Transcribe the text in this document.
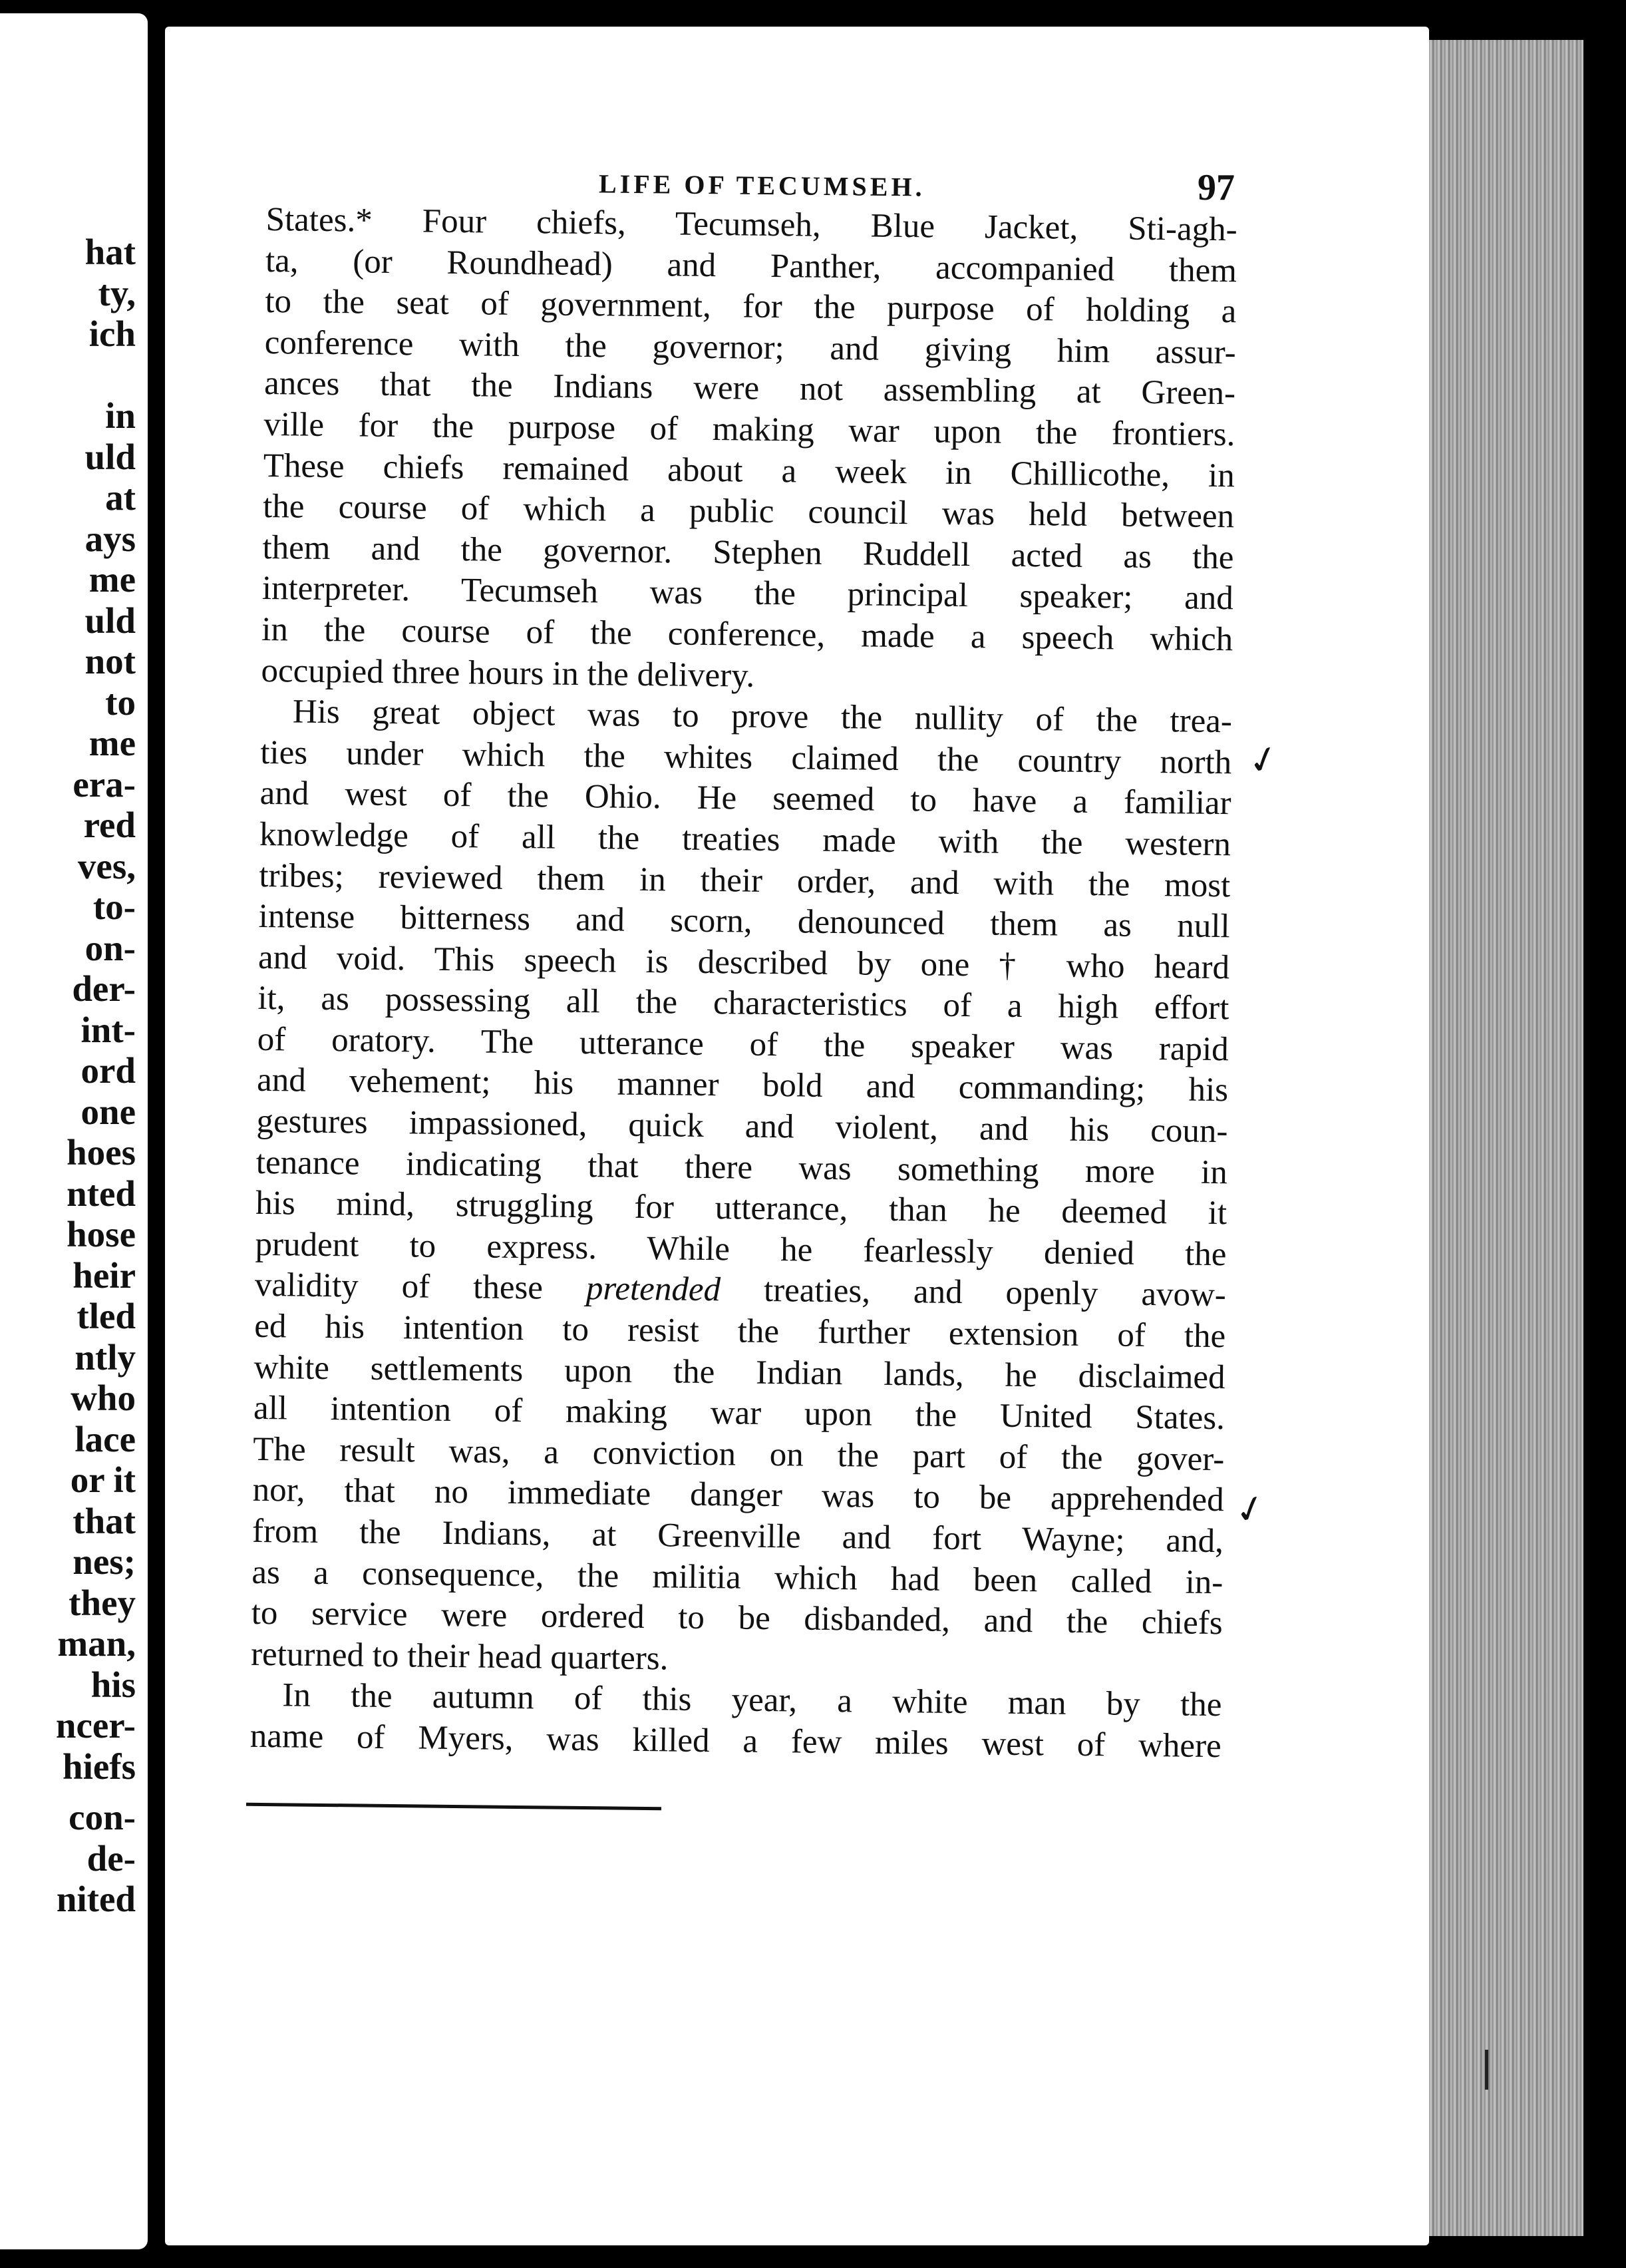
hat
ty,
ich
in
uld
at
ays
me
uld
not
to
me
era-
red
ves,
to-
on-
der-
int-
ord
one
hoes
nted
hose
heir
tled
ntly
who
lace
or it
that
nes;
they
man,
his
ncer-
hiefs
con-
de-
nited
LIFE OF TECUMSEH.	97
States.* Four chiefs, Tecumseh, Blue Jacket, Sti-agh-
ta, (or Roundhead) and Panther, accompanied them
to the seat of government, for the purpose of holding a
conference with the governor; and giving him assur-
ances that the Indians were not assembling at Green-
ville for the purpose of making war upon the frontiers.
These chiefs remained about a week in Chillicothe, in
the course of which a public council was held between
them and the governor. Stephen Ruddell acted as the
interpreter. Tecumseh was the principal speaker; and
in the course of the conference, made a speech which
occupied three hours in the delivery.
His great object was to prove the nullity of the trea-
ties under which the whites claimed the country north
and west of the Ohio. He seemed to have a familiar
knowledge of all the treaties made with the western
tribes; reviewed them in their order, and with the most
intense bitterness and scorn, denounced them as null
and void. This speech is described by one † who heard
it, as possessing all the characteristics of a high effort
of oratory. The utterance of the speaker was rapid
and vehement; his manner bold and commanding; his
gestures impassioned, quick and violent, and his coun-
tenance indicating that there was something more in
his mind, struggling for utterance, than he deemed it
prudent to express. While he fearlessly denied the
validity of these pretended treaties, and openly avow-
ed his intention to resist the further extension of the
white settlements upon the Indian lands, he disclaimed
all intention of making war upon the United States.
The result was, a conviction on the part of the gover-
nor, that no immediate danger was to be apprehended
from the Indians, at Greenville and fort Wayne; and,
as a consequence, the militia which had been called in-
to service were ordered to be disbanded, and the chiefs
returned to their head quarters.
In the autumn of this year, a white man by the
name of Myers, was killed a few miles west of where
✓
✓
